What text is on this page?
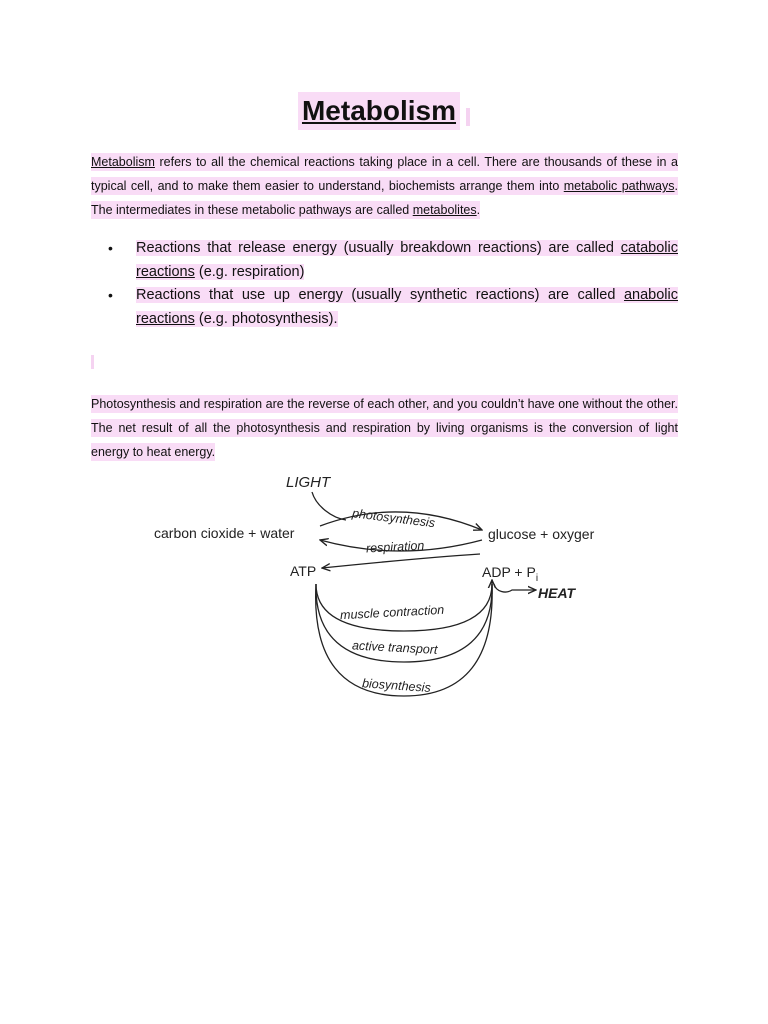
Metabolism

Metabolism refers to all the chemical reactions taking place in a cell. There are thousands of these in a typical cell, and to make them easier to understand, biochemists arrange them into metabolic pathways. The intermediates in these metabolic pathways are called metabolites.

• Reactions that release energy (usually breakdown reactions) are called catabolic reactions (e.g. respiration)
• Reactions that use up energy (usually synthetic reactions) are called anabolic reactions (e.g. photosynthesis).

Photosynthesis and respiration are the reverse of each other, and you couldn’t have one without the other. The net result of all the photosynthesis and respiration by living organisms is the conversion of light energy to heat energy.

LIGHT
carbon cioxide + water	glucose + oxyger
photosynthesis
respiration
ATP	ADP + $P_i$
HEAT
muscle contraction
active transport
biosynthesis
